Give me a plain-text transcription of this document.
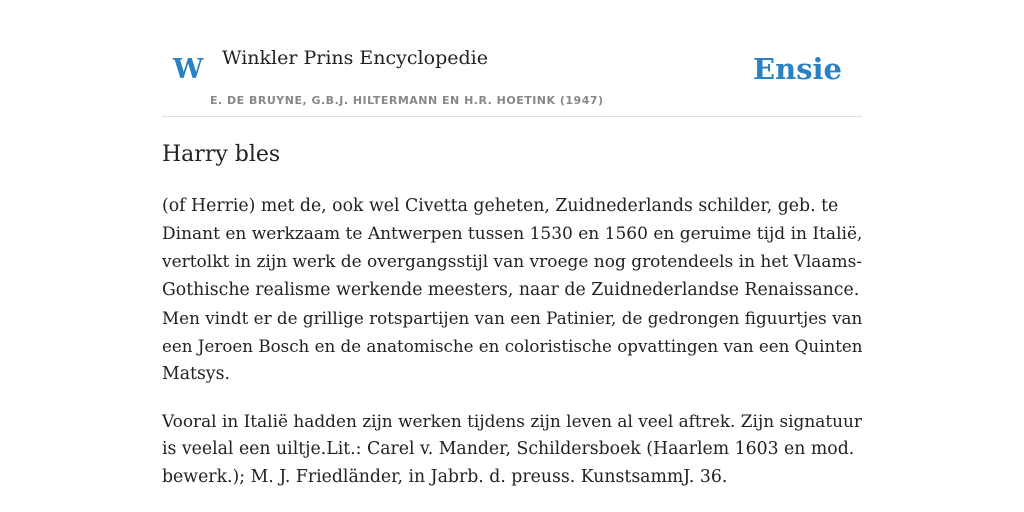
W Winkler Prins Encyclopedie
E. DE BRUYNE, G.B.J. HILTERMANN EN H.R. HOETINK (1947)
Ensie
Harry bles

(of Herrie) met de, ook wel Civetta geheten, Zuidnederlands schilder, geb. te
Dinant en werkzaam te Antwerpen tussen 1530 en 1560 en geruime tijd in Italië,
vertolkt in zijn werk de overgangsstijl van vroege nog grotendeels in het Vlaams-
Gothische realisme werkende meesters, naar de Zuidnederlandse Renaissance.
Men vindt er de grillige rotspartijen van een Patinier, de gedrongen figuurtjes van
een Jeroen Bosch en de anatomische en coloristische opvattingen van een Quinten
Matsys.

Vooral in Italië hadden zijn werken tijdens zijn leven al veel aftrek. Zijn signatuur
is veelal een uiltje.Lit.: Carel v. Mander, Schildersboek (Haarlem 1603 en mod.
bewerk.); M. J. Friedländer, in Jabrb. d. preuss. KunstsammJ. 36.
